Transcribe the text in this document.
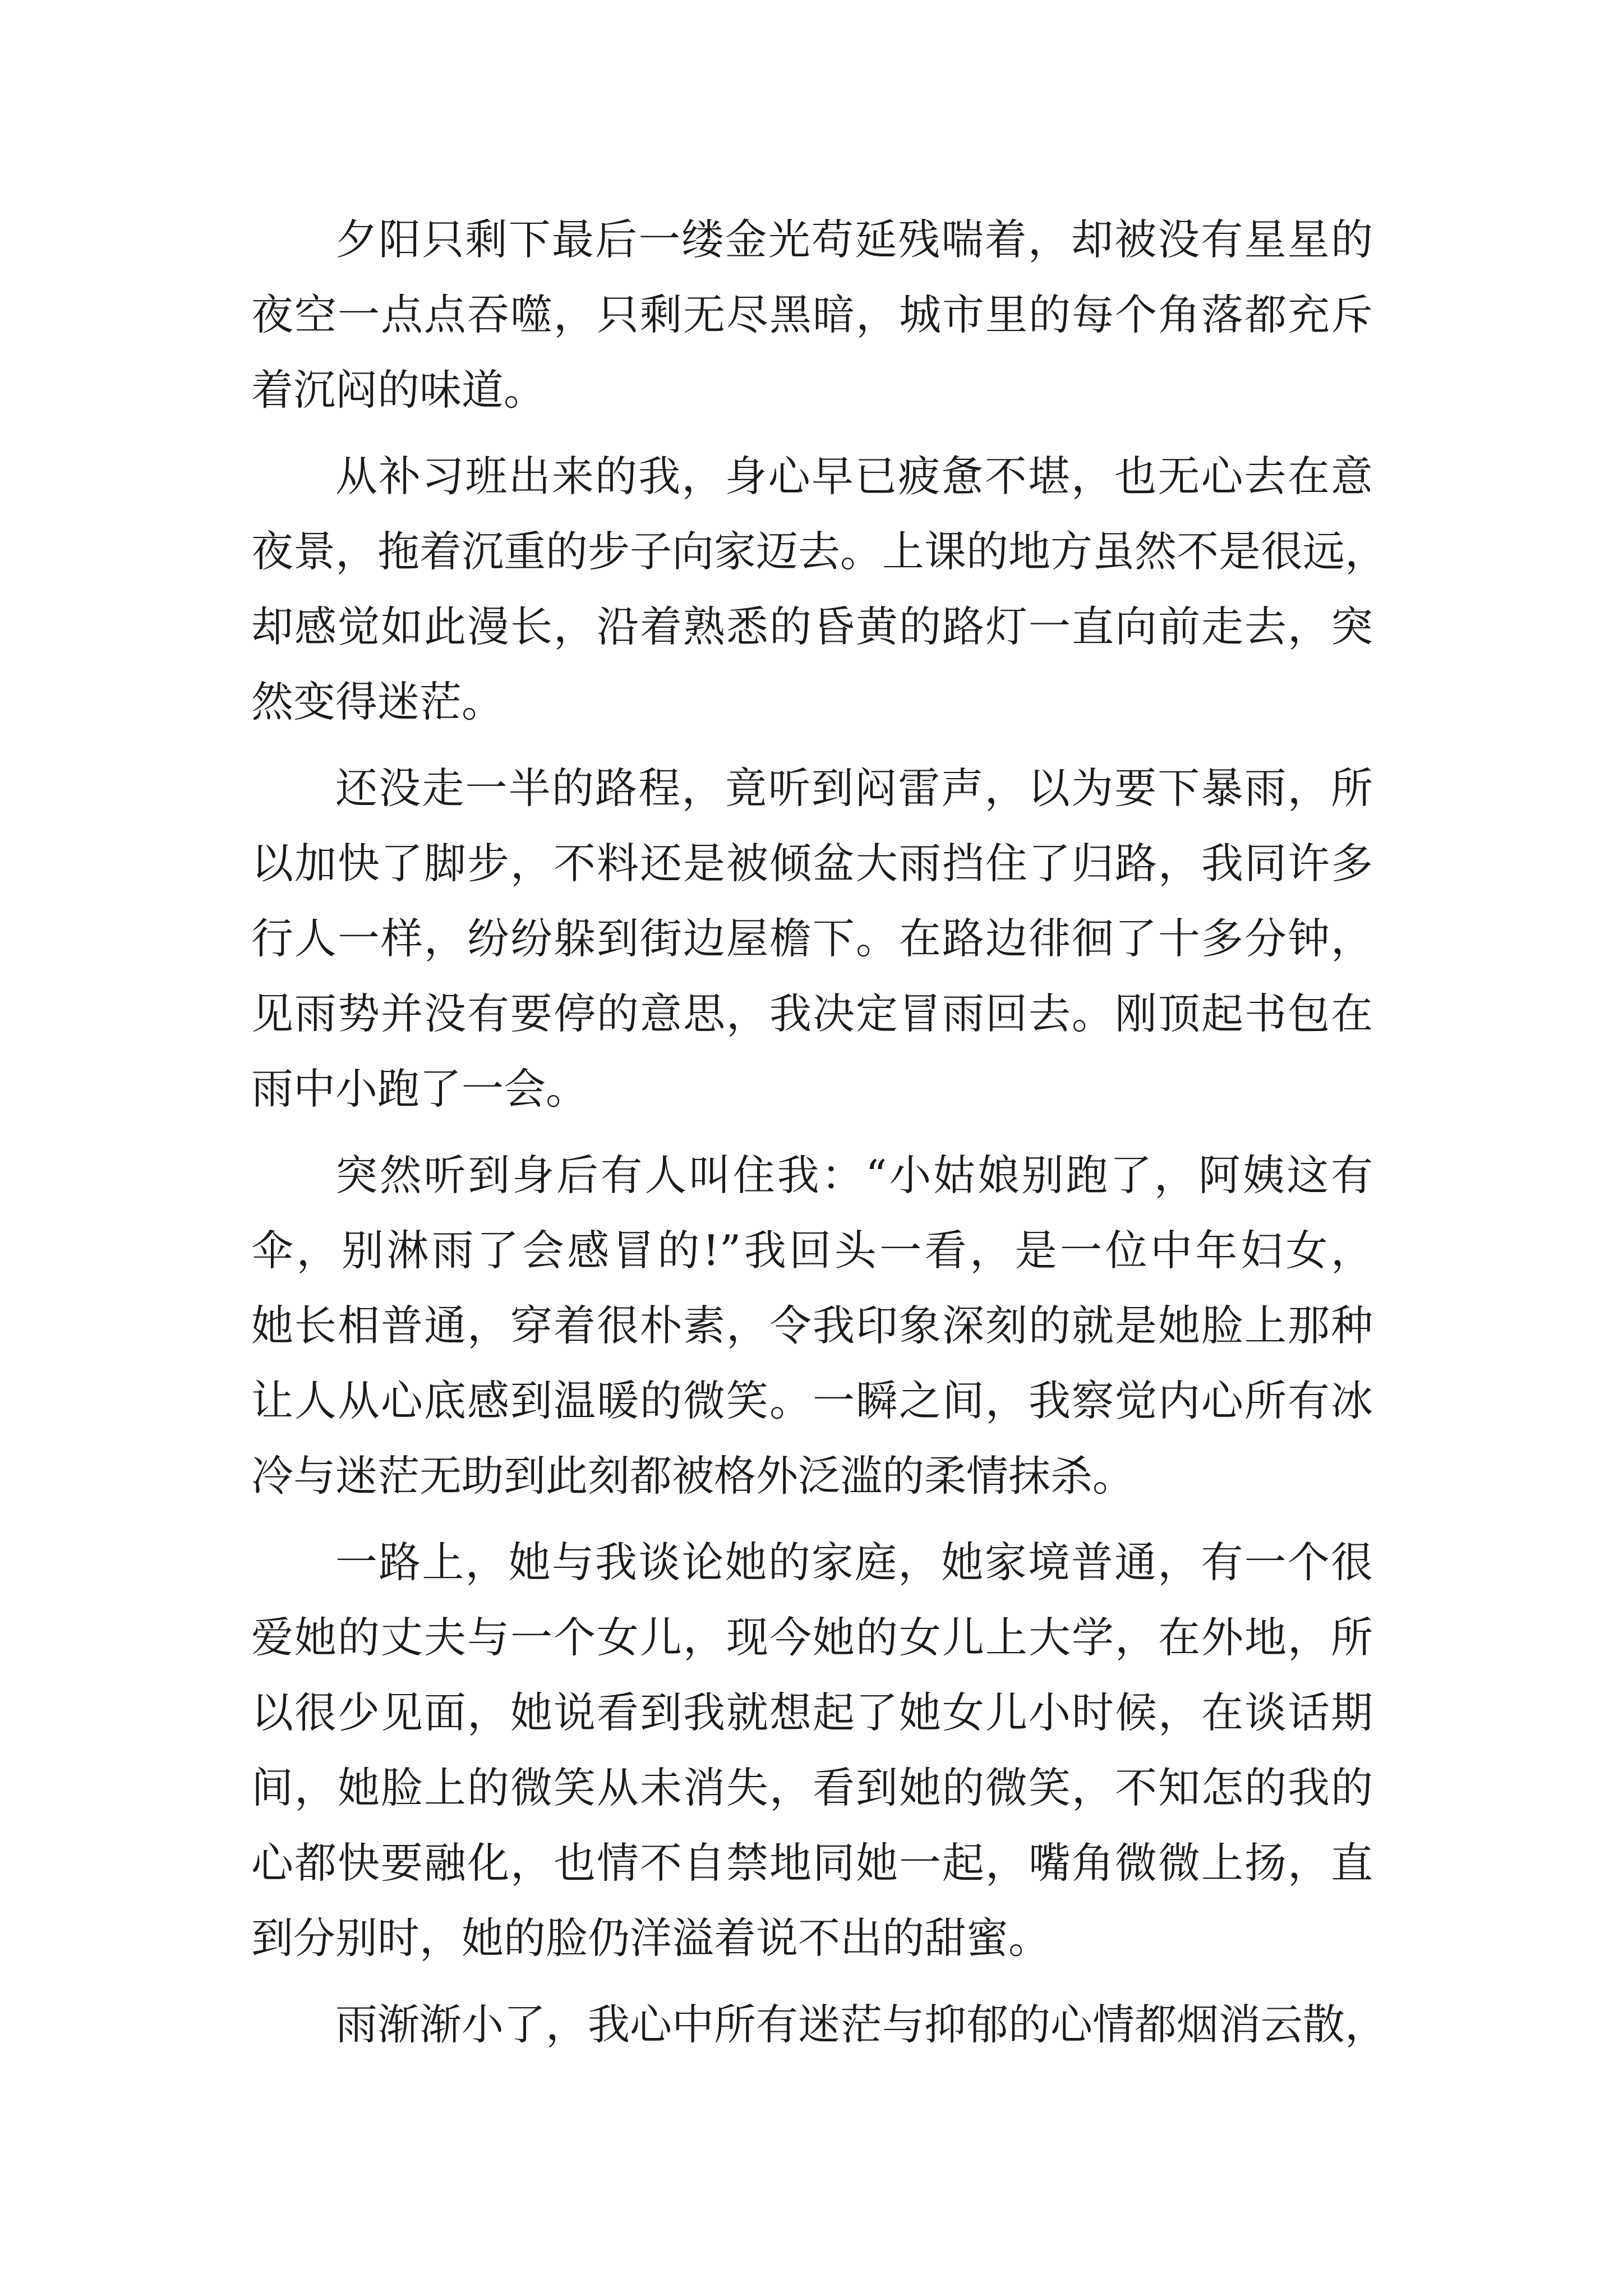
夕阳只剩下最后一缕金光苟延残喘着，却被没有星星的
夜空一点点吞噬，只剩无尽黑暗，城市里的每个角落都充斥
着沉闷的味道。
从补习班出来的我，身心早已疲惫不堪，也无心去在意
夜景，拖着沉重的步子向家迈去。上课的地方虽然不是很远，
却感觉如此漫长，沿着熟悉的昏黄的路灯一直向前走去，突
然变得迷茫。
还没走一半的路程，竟听到闷雷声，以为要下暴雨，所
以加快了脚步，不料还是被倾盆大雨挡住了归路，我同许多
行人一样，纷纷躲到街边屋檐下。在路边徘徊了十多分钟，
见雨势并没有要停的意思，我决定冒雨回去。刚顶起书包在
雨中小跑了一会。
突然听到身后有人叫住我：“小姑娘别跑了，阿姨这有
伞，别淋雨了会感冒的!”我回头一看，是一位中年妇女，
她长相普通，穿着很朴素，令我印象深刻的就是她脸上那种
让人从心底感到温暖的微笑。一瞬之间，我察觉内心所有冰
冷与迷茫无助到此刻都被格外泛滥的柔情抹杀。
一路上，她与我谈论她的家庭，她家境普通，有一个很
爱她的丈夫与一个女儿，现今她的女儿上大学，在外地，所
以很少见面，她说看到我就想起了她女儿小时候，在谈话期
间，她脸上的微笑从未消失，看到她的微笑，不知怎的我的
心都快要融化，也情不自禁地同她一起，嘴角微微上扬，直
到分别时，她的脸仍洋溢着说不出的甜蜜。
雨渐渐小了，我心中所有迷茫与抑郁的心情都烟消云散，
